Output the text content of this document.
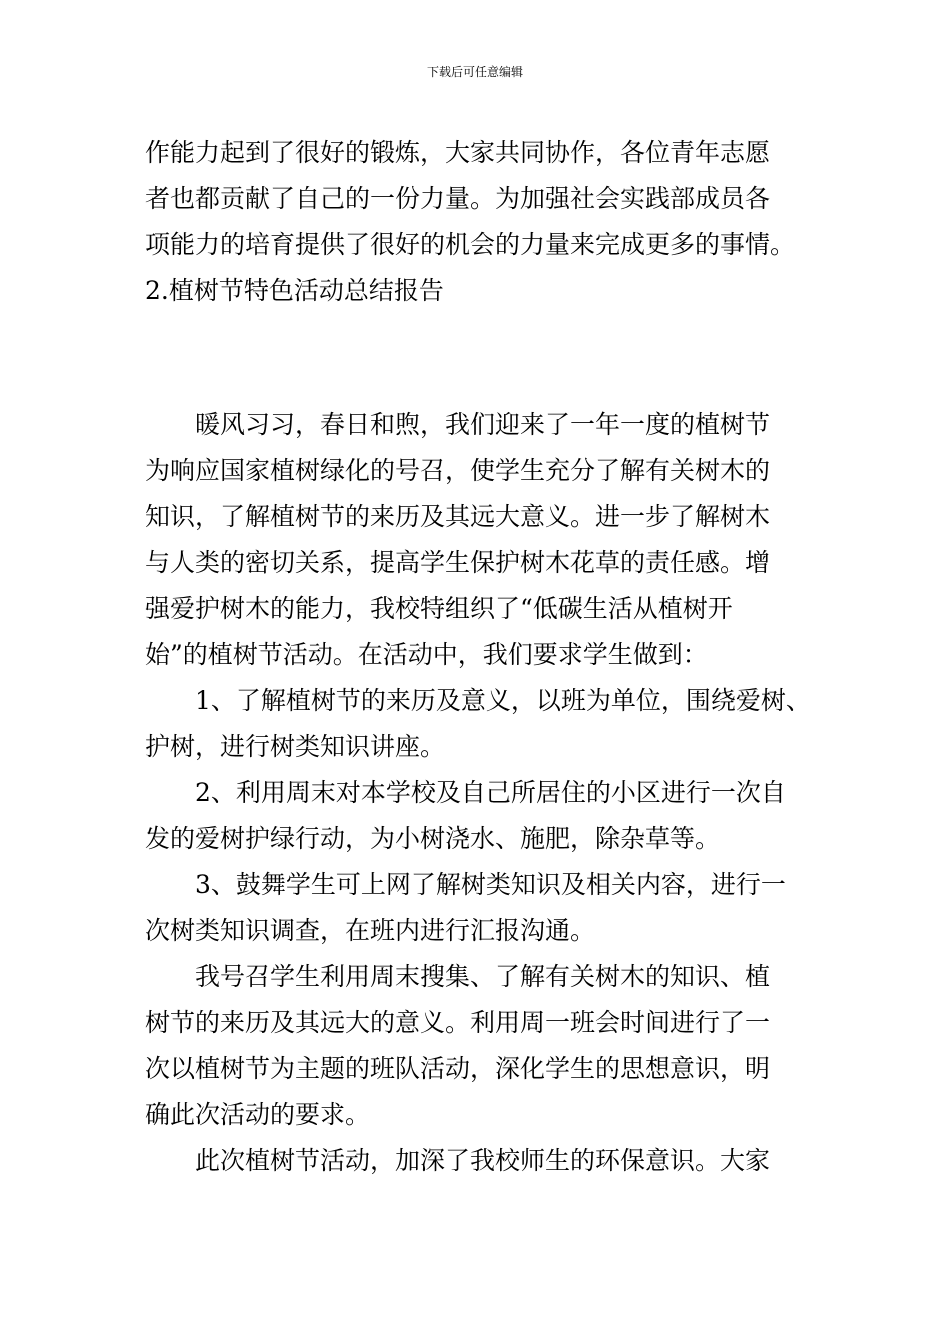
下载后可任意编辑
作能力起到了很好的锻炼，大家共同协作，各位青年志愿
者也都贡献了自己的一份力量。为加强社会实践部成员各
项能力的培育提供了很好的机会的力量来完成更多的事情。
2.植树节特色活动总结报告
暖风习习，春日和煦，我们迎来了一年一度的植树节
为响应国家植树绿化的号召，使学生充分了解有关树木的
知识，了解植树节的来历及其远大意义。进一步了解树木
与人类的密切关系，提高学生保护树木花草的责任感。增
强爱护树木的能力，我校特组织了“低碳生活从植树开
始”的植树节活动。在活动中，我们要求学生做到：
1、了解植树节的来历及意义，以班为单位，围绕爱树、
护树，进行树类知识讲座。
2、利用周末对本学校及自己所居住的小区进行一次自
发的爱树护绿行动，为小树浇水、施肥，除杂草等。
3、鼓舞学生可上网了解树类知识及相关内容，进行一
次树类知识调查，在班内进行汇报沟通。
我号召学生利用周末搜集、了解有关树木的知识、植
树节的来历及其远大的意义。利用周一班会时间进行了一
次以植树节为主题的班队活动，深化学生的思想意识，明
确此次活动的要求。
此次植树节活动，加深了我校师生的环保意识。大家
